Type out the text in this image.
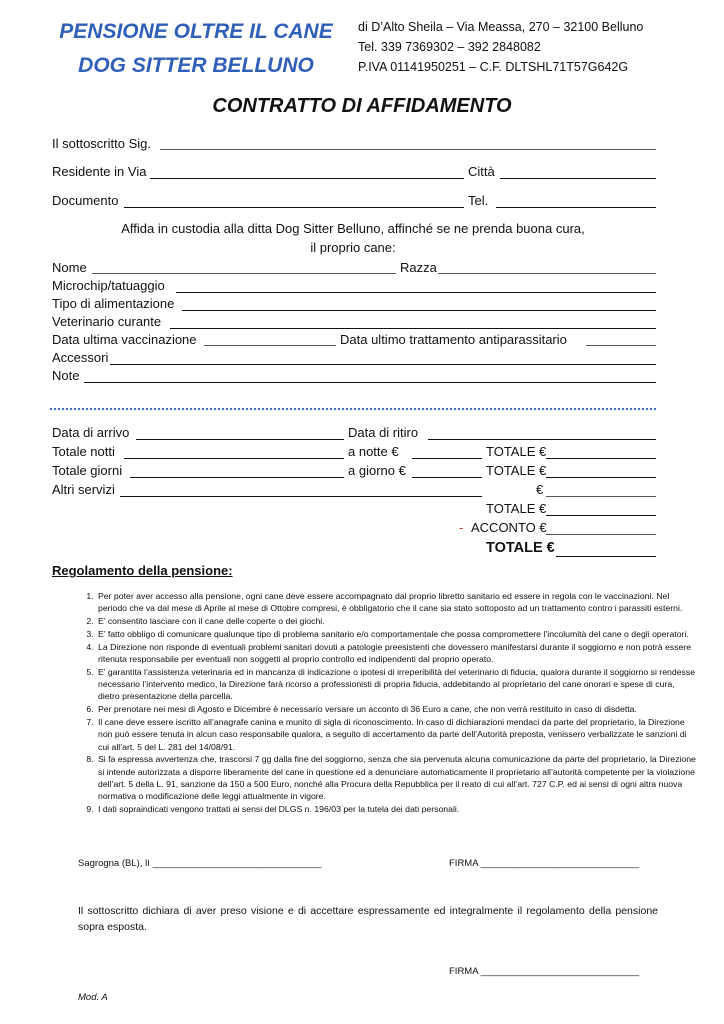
PENSIONE OLTRE IL CANE
DOG SITTER BELLUNO
di D’Alto Sheila – Via Meassa, 270 – 32100 Belluno
Tel. 339 7369302 – 392 2848082
P.IVA 01141950251 – C.F. DLTSHL71T57G642G
CONTRATTO DI AFFIDAMENTO
Il sottoscritto Sig.
Residente in Via	Città
Documento	Tel.
Affida in custodia alla ditta Dog Sitter Belluno, affinché se ne prenda buona cura,
il proprio cane:
Nome	Razza
Microchip/tatuaggio
Tipo di alimentazione
Veterinario curante
Data ultima vaccinazione	Data ultimo trattamento antiparassitario
Accessori
Note
Data di arrivo	Data di ritiro
Totale notti	a notte €	TOTALE €
Totale giorni	a giorno €	TOTALE €
Altri servizi	€
TOTALE €
- ACCONTO €
TOTALE €
Regolamento della pensione:
1. Per poter aver accesso alla pensione, ogni cane deve essere accompagnato dal proprio libretto sanitario ed essere in regola con le vaccinazioni. Nel periodo che va dal mese di Aprile al mese di Ottobre compresi, è obbligatorio che il cane sia stato sottoposto ad un trattamento contro i parassiti esterni.
2. E’ consentito lasciare con il cane delle coperte o dei giochi.
3. E’ fatto obbligo di comunicare qualunque tipo di problema sanitario e/o comportamentale che possa compromettere l’incolumità del cane o degli operatori.
4. La Direzione non risponde di eventuali problemi sanitari dovuti a patologie preesistenti che dovessero manifestarsi durante il soggiorno e non potrà essere ritenuta responsabile per eventuali non soggetti al proprio controllo ed indipendenti dal proprio operato.
5. E’ garantita l’assistenza veterinaria ed in mancanza di indicazione o ipotesi di irreperibilità del veterinario di fiducia, qualora durante il soggiorno si rendesse necessario l’intervento medico, la Direzione farà ricorso a professionisti di propria fiducia, addebitando al proprietario del cane onorari e spese di cura, dietro presentazione della parcella.
6. Per prenotare nei mesi di Agosto e Dicembre è necessario versare un acconto di 36 Euro a cane, che non verrà restituito in caso di disdetta.
7. Il cane deve essere iscritto all’anagrafe canina e munito di sigla di riconoscimento. In caso di dichiarazioni mendaci da parte del proprietario, la Direzione non può essere tenuta in alcun caso responsabile qualora, a seguito di accertamento da parte dell’Autorità preposta, venissero verbalizzate le sanzioni di cui all’art. 5 del L. 281 del 14/08/91.
8. Si fa espressa avvertenza che, trascorsi 7 gg dalla fine del soggiorno, senza che sia pervenuta alcuna comunicazione da parte del proprietario, la Direzione si intende autorizzata a disporre liberamente del cane in questione ed a denunciare automaticamente il proprietario all’autorità competente per la violazione dell’art. 5 della L. 91, sanzione da 150 a 500 Euro, nonché alla Procura della Repubblica per il reato di cui all’art. 727 C.P. ed ai sensi di ogni altra nuova normativa o modificazione delle leggi attualmente in vigore.
9. I dati sopraindicati vengono trattati ai sensi del DLGS n. 196/03 per la tutela dei dati personali.
Sagrogna (BL), lì ________________________________	FIRMA ______________________________
Il sottoscritto dichiara di aver preso visione e di accettare espressamente ed integralmente il regolamento della pensione sopra esposta.
FIRMA ______________________________
Mod. A
